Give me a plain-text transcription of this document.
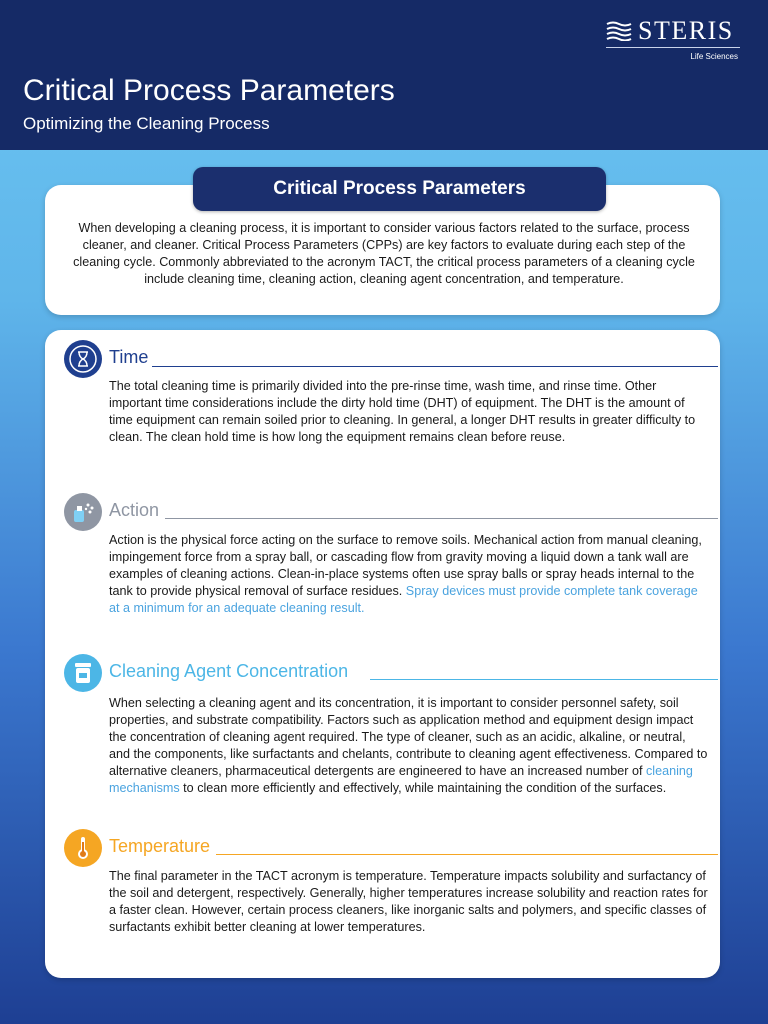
STERIS
Life Sciences
Critical Process Parameters
Optimizing the Cleaning Process
Critical Process Parameters

When developing a cleaning process, it is important to consider various factors related to the surface, process cleaner, and cleaner. Critical Process Parameters (CPPs) are key factors to evaluate during each step of the cleaning cycle. Commonly abbreviated to the acronym TACT, the critical process parameters of a cleaning cycle include cleaning time, cleaning action, cleaning agent concentration, and temperature.

Time

The total cleaning time is primarily divided into the pre-rinse time, wash time, and rinse time. Other important time considerations include the dirty hold time (DHT) of equipment. The DHT is the amount of time equipment can remain soiled prior to cleaning. In general, a longer DHT results in greater difficulty to clean. The clean hold time is how long the equipment remains clean before reuse.

Action

Action is the physical force acting on the surface to remove soils. Mechanical action from manual cleaning, impingement force from a spray ball, or cascading flow from gravity moving a liquid down a tank wall are examples of cleaning actions. Clean-in-place systems often use spray balls or spray heads internal to the tank to provide physical removal of surface residues. Spray devices must provide complete tank coverage at a minimum for an adequate cleaning result.

Cleaning Agent Concentration

When selecting a cleaning agent and its concentration, it is important to consider personnel safety, soil properties, and substrate compatibility. Factors such as application method and equipment design impact the concentration of cleaning agent required. The type of cleaner, such as an acidic, alkaline, or neutral, and the components, like surfactants and chelants, contribute to cleaning agent effectiveness. Compared to alternative cleaners, pharmaceutical detergents are engineered to have an increased number of cleaning mechanisms to clean more efficiently and effectively, while maintaining the condition of the surfaces.

Temperature

The final parameter in the TACT acronym is temperature. Temperature impacts solubility and surfactancy of the soil and detergent, respectively. Generally, higher temperatures increase solubility and reaction rates for a faster clean. However, certain process cleaners, like inorganic salts and polymers, and specific classes of surfactants exhibit better cleaning at lower temperatures.
